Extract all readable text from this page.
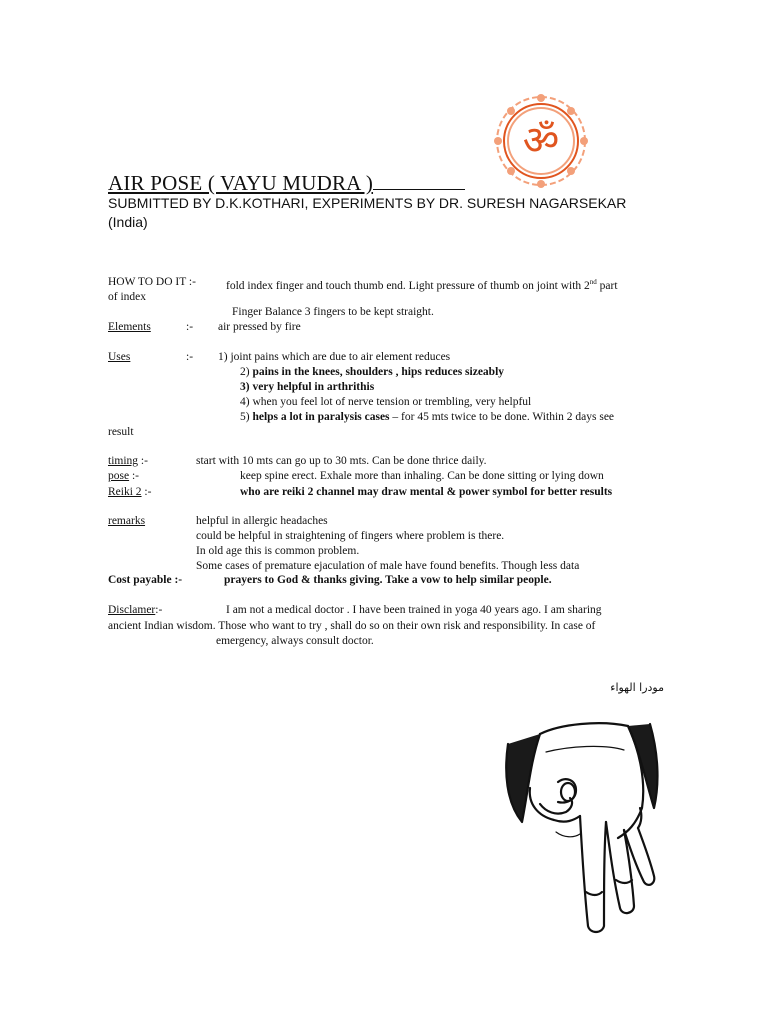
ॐ
AIR POSE ( VAYU MUDRA )
SUBMITTED BY D.K.KOTHARI, EXPERIMENTS BY DR. SURESH NAGARSEKAR
(India)
HOW TO DO IT :-	fold index finger and touch thumb end. Light pressure of thumb on joint with 2nd part
of index
Finger Balance 3 fingers to be kept straight.
Elements	:- air pressed by fire
Uses	:- 1) joint pains which are due to air element reduces
2) pains in the knees, shoulders , hips reduces sizeably
3) very helpful in arthrithis
4) when you feel lot of nerve tension or trembling, very helpful
5) helps a lot in paralysis cases – for 45 mts twice to be done. Within 2 days see
result
timing :-	start with 10 mts can go up to 30 mts. Can be done thrice daily.
pose :-	keep spine erect. Exhale more than inhaling. Can be done sitting or lying down
Reiki 2 :-	who are reiki 2 channel may draw mental & power symbol for better results
remarks	helpful in allergic headaches
could be helpful in straightening of fingers where problem is there.
In old age this is common problem.
Some cases of premature ejaculation of male have found benefits. Though less data
Cost payable :-	prayers to God & thanks giving. Take a vow to help similar people.
Disclamer:-	I am not a medical doctor . I have been trained in yoga 40 years ago. I am sharing
ancient Indian wisdom. Those who want to try , shall do so on their own risk and responsibility. In case of
emergency, always consult doctor.
مودرا الهواء
